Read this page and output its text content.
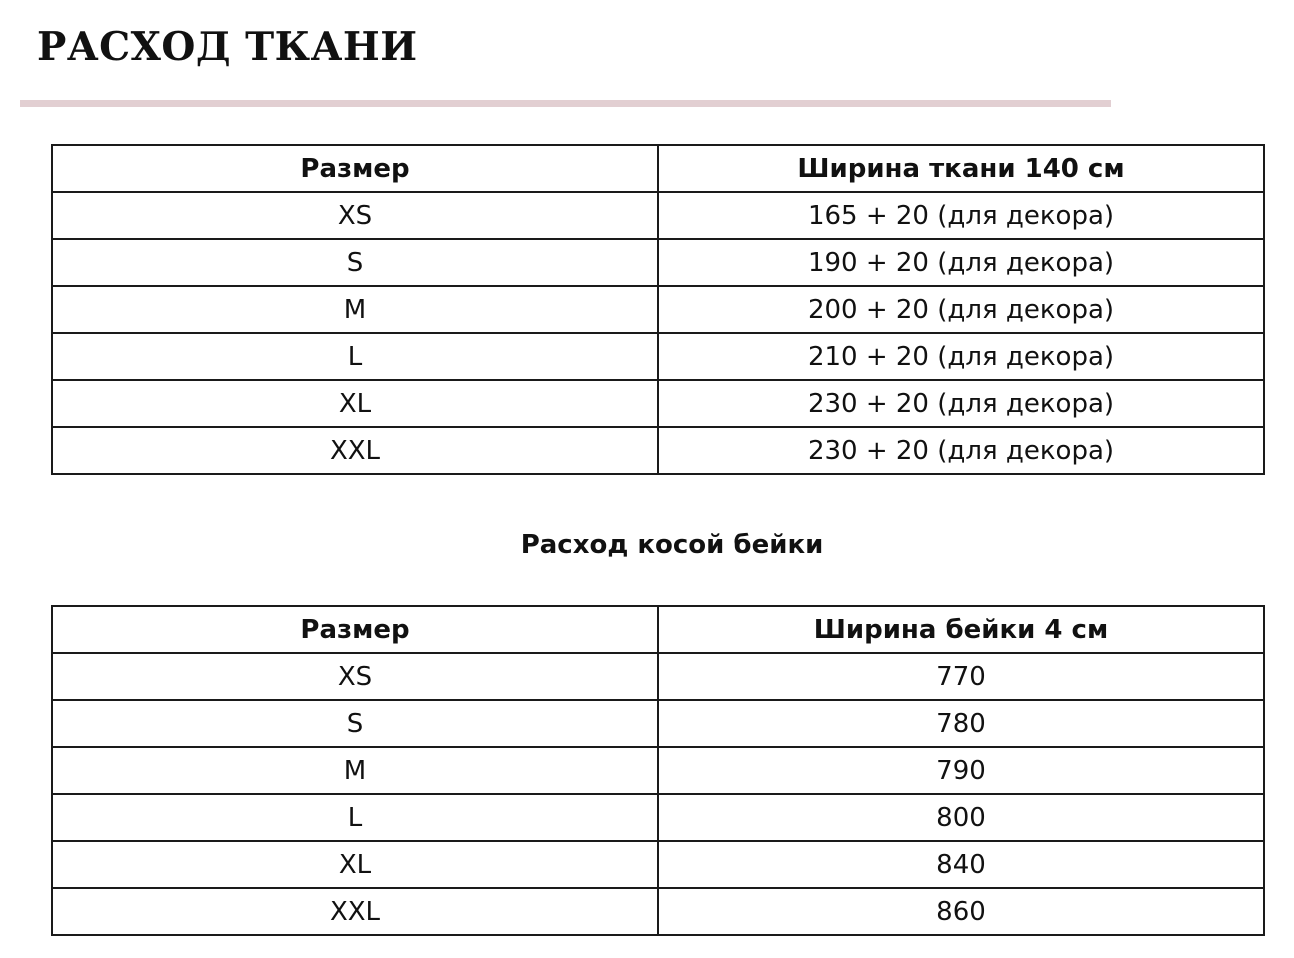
РАСХОД ТКАНИ
Размер	Ширина ткани 140 см
XS	165 + 20 (для декора)
S	190 + 20 (для декора)
M	200 + 20 (для декора)
L	210 + 20 (для декора)
XL	230 + 20 (для декора)
XXL	230 + 20 (для декора)
Расход косой бейки
Размер	Ширина бейки 4 см
XS	770
S	780
M	790
L	800
XL	840
XXL	860
